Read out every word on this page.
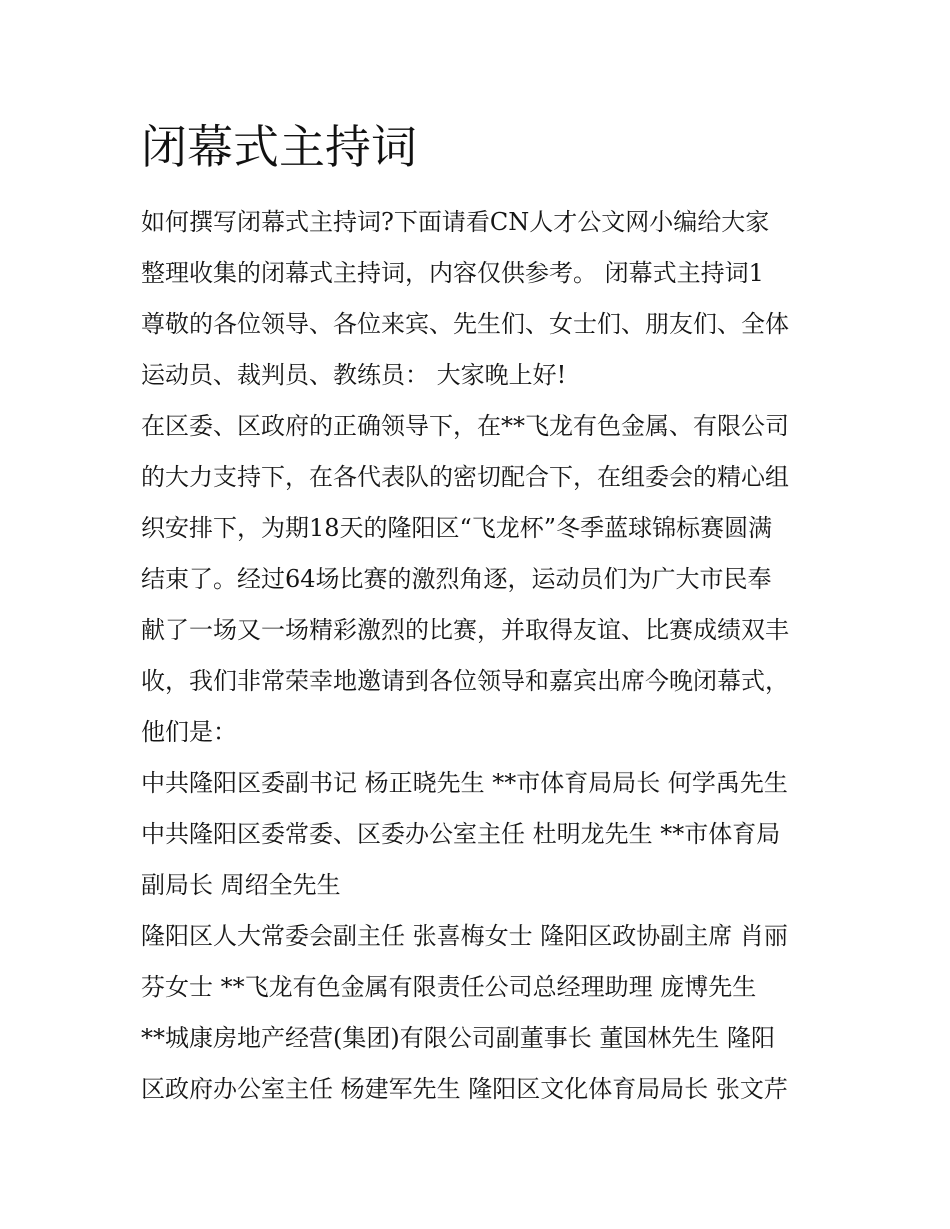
闭幕式主持词

如何撰写闭幕式主持词?下面请看CN人才公文网小编给大家

整理收集的闭幕式主持词，内容仅供参考。 闭幕式主持词1

尊敬的各位领导、各位来宾、先生们、女士们、朋友们、全体

运动员、裁判员、教练员： 大家晚上好!

在区委、区政府的正确领导下，在**飞龙有色金属、有限公司

的大力支持下，在各代表队的密切配合下，在组委会的精心组

织安排下，为期18天的隆阳区“飞龙杯”冬季蓝球锦标赛圆满

结束了。经过64场比赛的激烈角逐，运动员们为广大市民奉

献了一场又一场精彩激烈的比赛，并取得友谊、比赛成绩双丰

收，我们非常荣幸地邀请到各位领导和嘉宾出席今晚闭幕式，

他们是：

中共隆阳区委副书记 杨正晓先生 **市体育局局长 何学禹先生

中共隆阳区委常委、区委办公室主任 杜明龙先生 **市体育局

副局长 周绍全先生

隆阳区人大常委会副主任 张喜梅女士 隆阳区政协副主席 肖丽

芬女士 **飞龙有色金属有限责任公司总经理助理 庞博先生

**城康房地产经营(集团)有限公司副董事长 董国林先生 隆阳

区政府办公室主任 杨建军先生 隆阳区文化体育局局长 张文芹
